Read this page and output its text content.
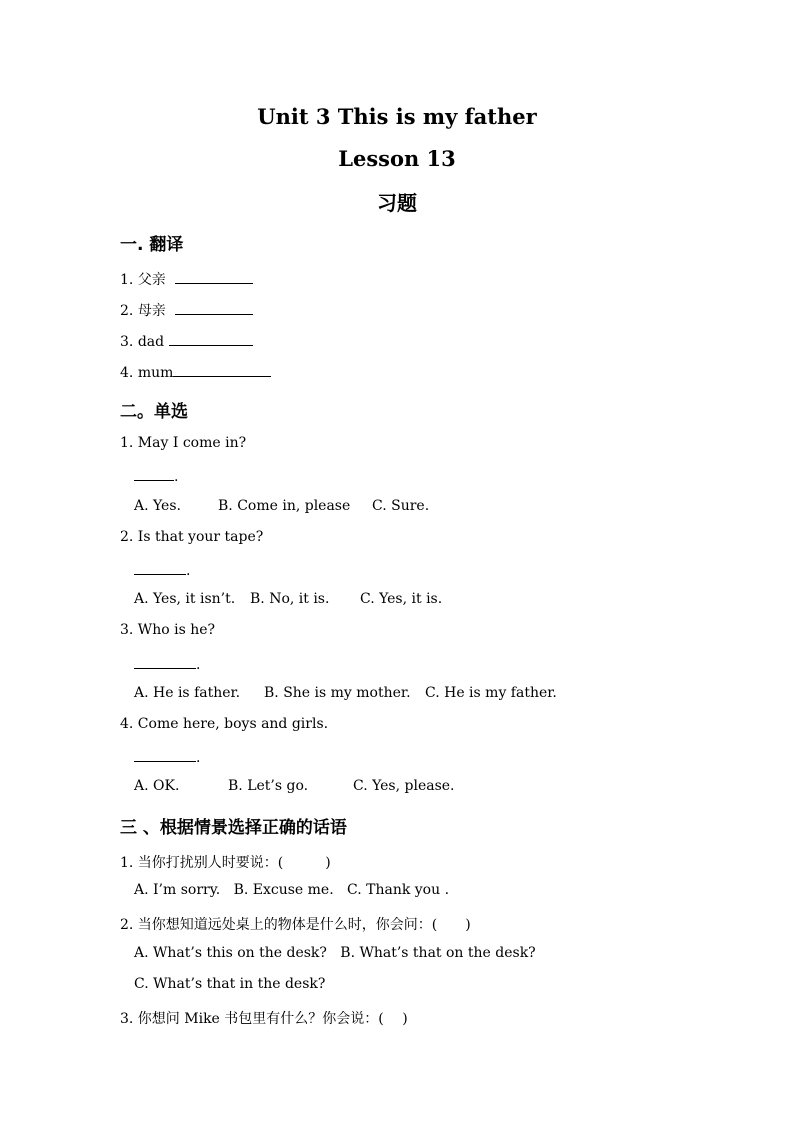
Unit 3 This is my father
Lesson 13
习题
一. 翻译
1. 父亲
2. 母亲
3. dad
4. mum
二。单选
1. May I come in?
.
A. Yes.	B. Come in, please C. Sure.
2. Is that your tape?
.
A. Yes, it isn’t. B. No, it is. C. Yes, it is.
3. Who is he?
.
A. He is father. B. She is my mother. C. He is my father.
4. Come here, boys and girls.
.
A. OK.	B. Let’s go.	C. Yes, please.
三 、根据情景选择正确的话语
1. 当你打扰别人时要说：(　　　)
A. I’m sorry.   B. Excuse me.   C. Thank you .
2. 当你想知道远处桌上的物体是什么时，你会问：(　　)
A. What’s this on the desk?   B. What’s that on the desk?
C. What’s that in the desk?
3. 你想问 Mike 书包里有什么？你会说：(　 )
